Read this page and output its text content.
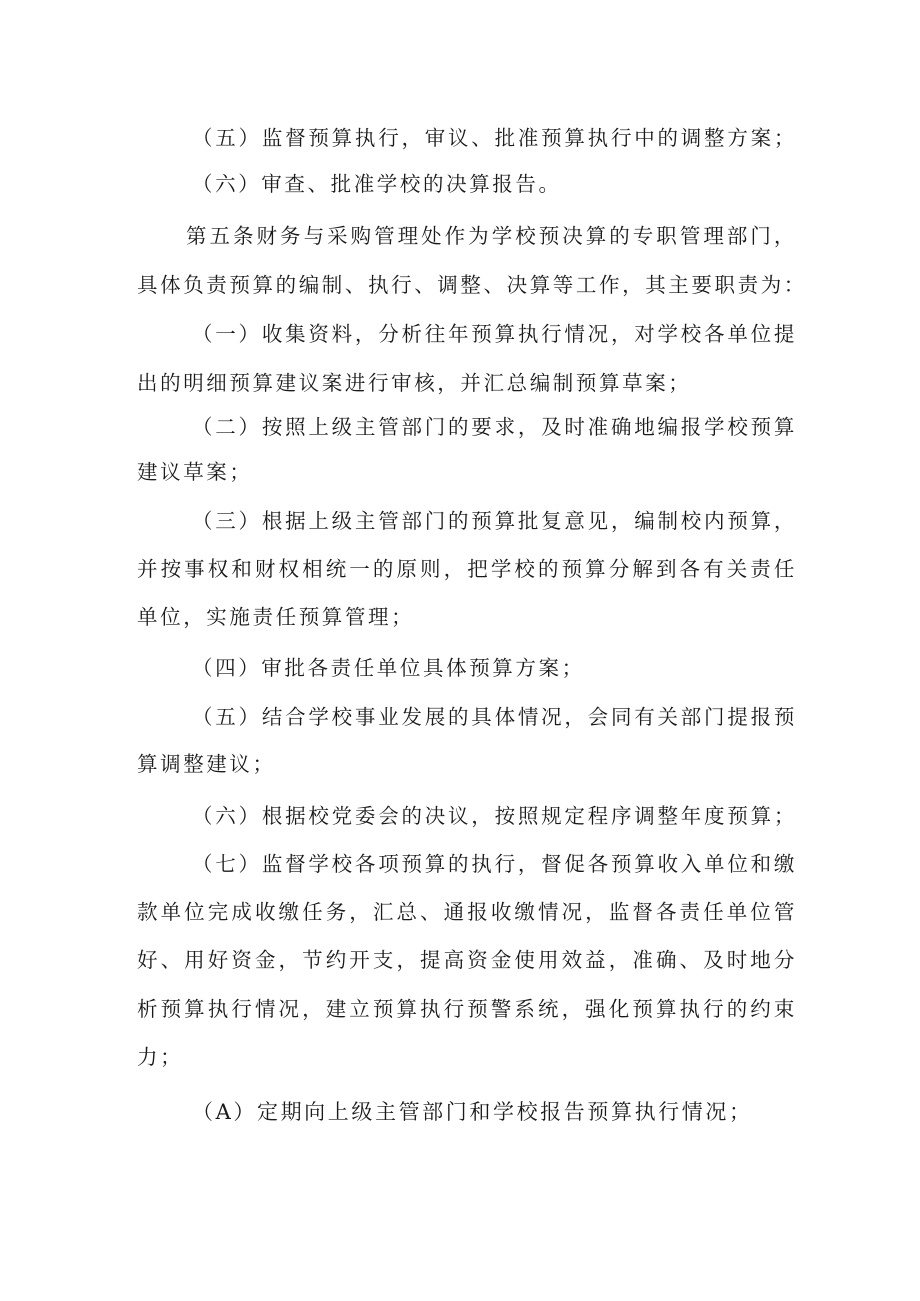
（五）监督预算执行，审议、批准预算执行中的调整方案；
（六）审查、批准学校的决算报告。
第五条财务与采购管理处作为学校预决算的专职管理部门，
具体负责预算的编制、执行、调整、决算等工作，其主要职责为：
（一）收集资料，分析往年预算执行情况，对学校各单位提
出的明细预算建议案进行审核，并汇总编制预算草案；
（二）按照上级主管部门的要求，及时准确地编报学校预算
建议草案；
（三）根据上级主管部门的预算批复意见，编制校内预算，
并按事权和财权相统一的原则，把学校的预算分解到各有关责任
单位，实施责任预算管理；
（四）审批各责任单位具体预算方案；
（五）结合学校事业发展的具体情况，会同有关部门提报预
算调整建议；
（六）根据校党委会的决议，按照规定程序调整年度预算；
（七）监督学校各项预算的执行，督促各预算收入单位和缴
款单位完成收缴任务，汇总、通报收缴情况，监督各责任单位管
好、用好资金，节约开支，提高资金使用效益，准确、及时地分
析预算执行情况，建立预算执行预警系统，强化预算执行的约束
力；
（A）定期向上级主管部门和学校报告预算执行情况；
